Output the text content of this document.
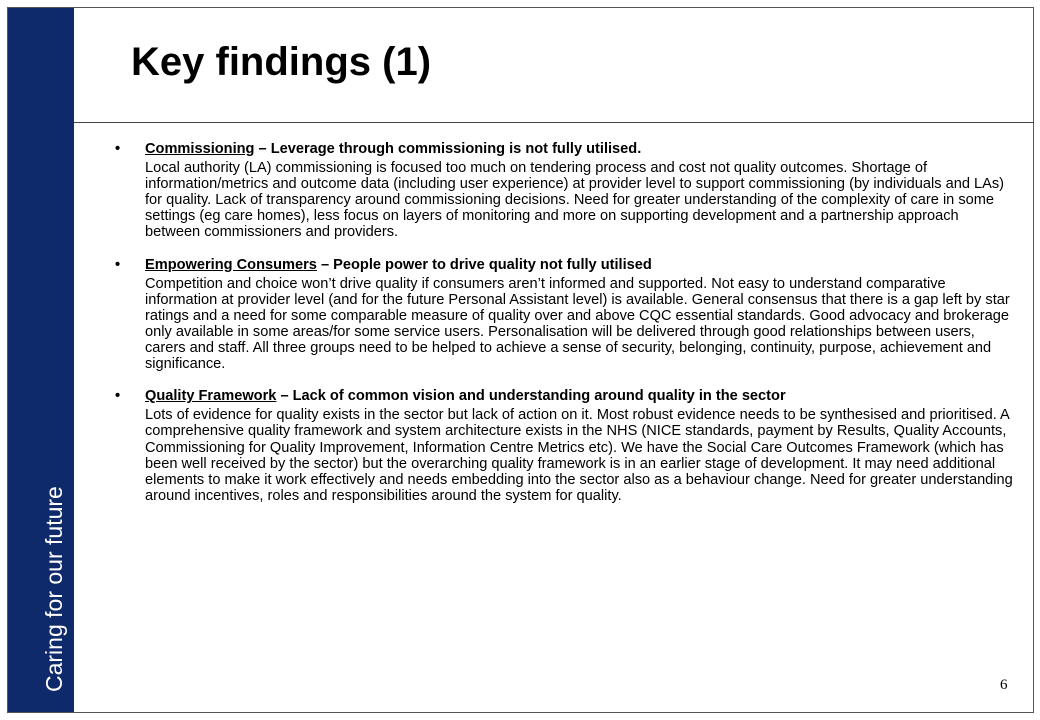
Caring for our future
Key findings (1)
• Commissioning – Leverage through commissioning is not fully utilised.

Local authority (LA) commissioning is focused too much on tendering process and cost not quality outcomes. Shortage of information/metrics and outcome data (including user experience) at provider level to support commissioning (by individuals and LAs) for quality. Lack of transparency around commissioning decisions. Need for greater understanding of the complexity of care in some settings (eg care homes), less focus on layers of monitoring and more on supporting development and a partnership approach between commissioners and providers.

• Empowering Consumers – People power to drive quality not fully utilised

Competition and choice won’t drive quality if consumers aren’t informed and supported. Not easy to understand comparative information at provider level (and for the future Personal Assistant level) is available. General consensus that there is a gap left by star ratings and a need for some comparable measure of quality over and above CQC essential standards. Good advocacy and brokerage only available in some areas/for some service users. Personalisation will be delivered through good relationships between users, carers and staff. All three groups need to be helped to achieve a sense of security, belonging, continuity, purpose, achievement and significance.

• Quality Framework – Lack of common vision and understanding around quality in the sector

Lots of evidence for quality exists in the sector but lack of action on it. Most robust evidence needs to be synthesised and prioritised. A comprehensive quality framework and system architecture exists in the NHS (NICE standards, payment by Results, Quality Accounts, Commissioning for Quality Improvement, Information Centre Metrics etc). We have the Social Care Outcomes Framework (which has been well received by the sector) but the overarching quality framework is in an earlier stage of development. It may need additional elements to make it work effectively and needs embedding into the sector also as a behaviour change. Need for greater understanding around incentives, roles and responsibilities around the system for quality.

6
